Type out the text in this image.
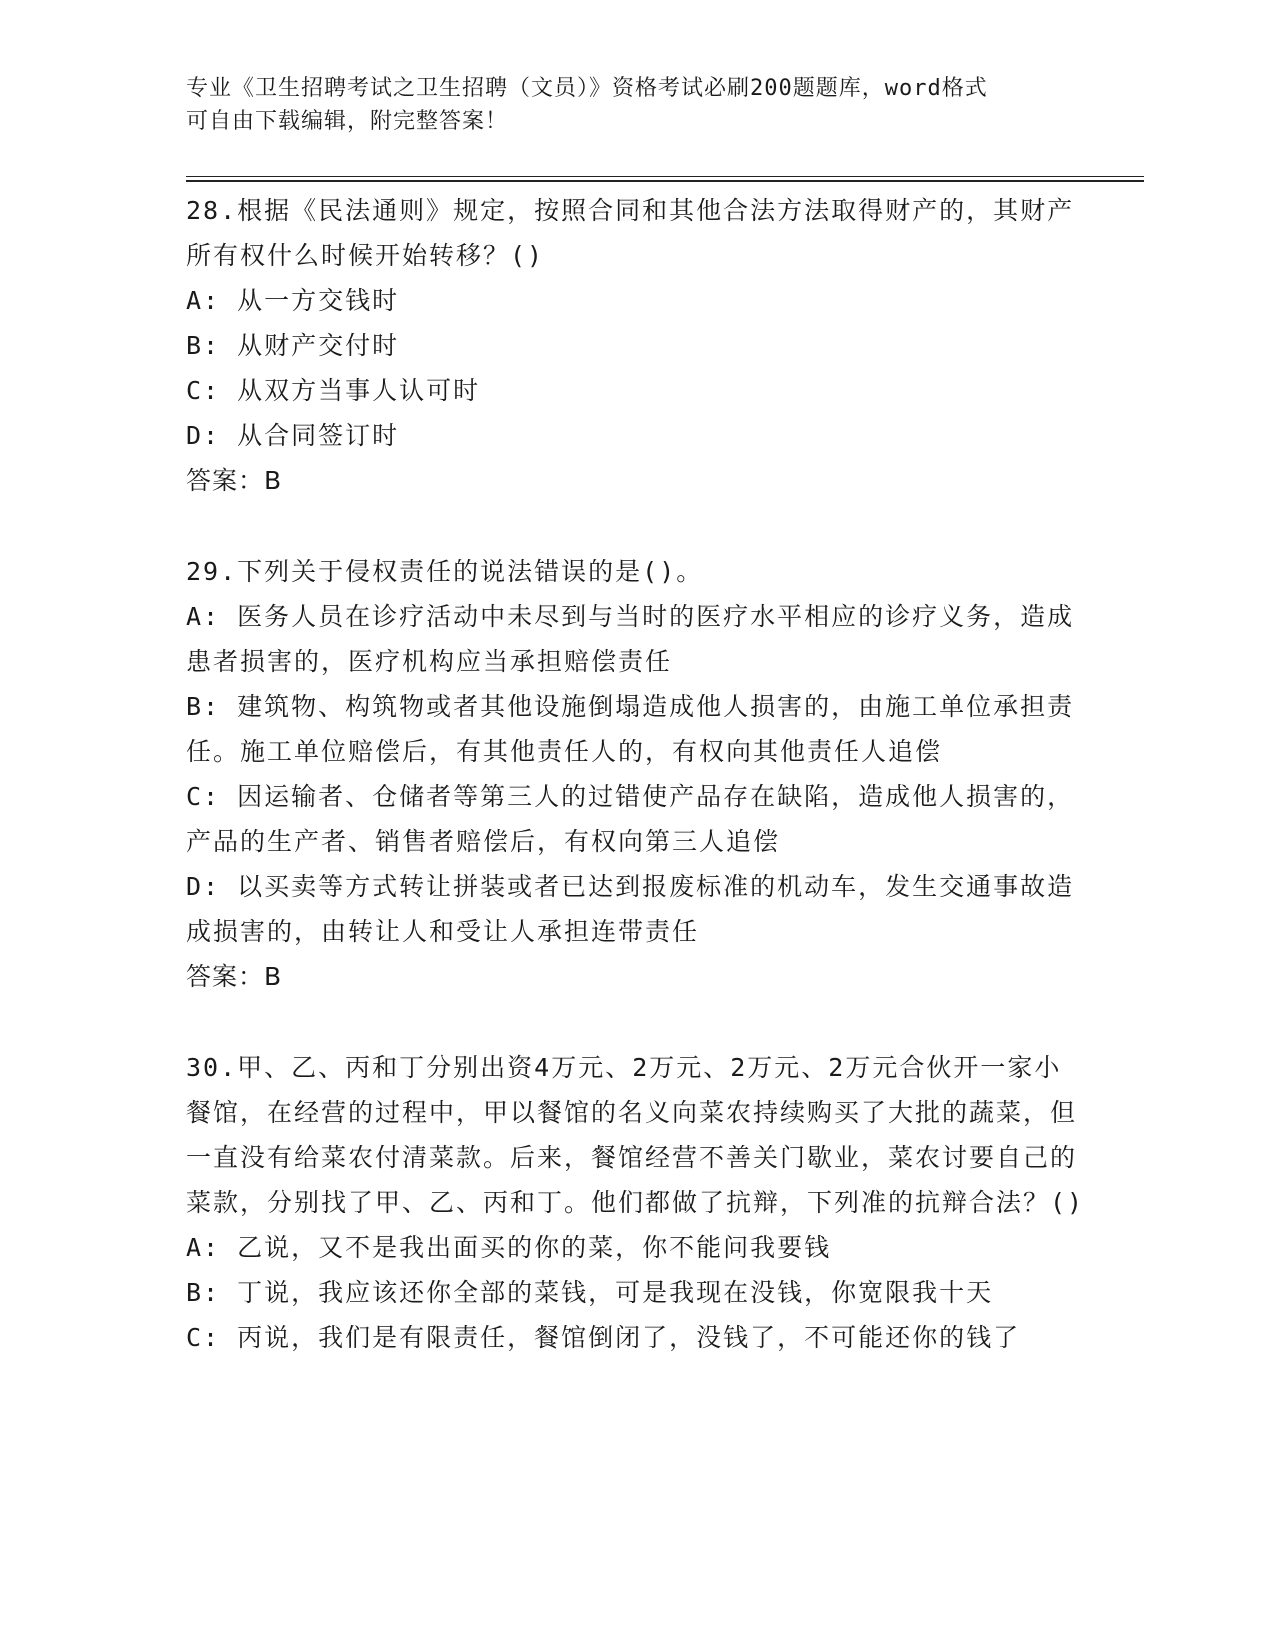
专业《卫生招聘考试之卫生招聘（文员）》资格考试必刷200题题库，word格式
可自由下载编辑，附完整答案！
28.根据《民法通则》规定，按照合同和其他合法方法取得财产的，其财产所有权什么时候开始转移？()
A: 从一方交钱时
B: 从财产交付时
C: 从双方当事人认可时
D: 从合同签订时
答案：B
29.下列关于侵权责任的说法错误的是()。
A: 医务人员在诊疗活动中未尽到与当时的医疗水平相应的诊疗义务，造成患者损害的，医疗机构应当承担赔偿责任
B: 建筑物、构筑物或者其他设施倒塌造成他人损害的，由施工单位承担责任。施工单位赔偿后，有其他责任人的，有权向其他责任人追偿
C: 因运输者、仓储者等第三人的过错使产品存在缺陷，造成他人损害的，产品的生产者、销售者赔偿后，有权向第三人追偿
D: 以买卖等方式转让拼装或者已达到报废标准的机动车，发生交通事故造成损害的，由转让人和受让人承担连带责任
答案：B
30.甲、乙、丙和丁分别出资4万元、2万元、2万元、2万元合伙开一家小餐馆，在经营的过程中，甲以餐馆的名义向菜农持续购买了大批的蔬菜，但一直没有给菜农付清菜款。后来，餐馆经营不善关门歇业，菜农讨要自己的菜款，分别找了甲、乙、丙和丁。他们都做了抗辩，下列准的抗辩合法？()
A: 乙说，又不是我出面买的你的菜，你不能问我要钱
B: 丁说，我应该还你全部的菜钱，可是我现在没钱，你宽限我十天
C: 丙说，我们是有限责任，餐馆倒闭了，没钱了，不可能还你的钱了
